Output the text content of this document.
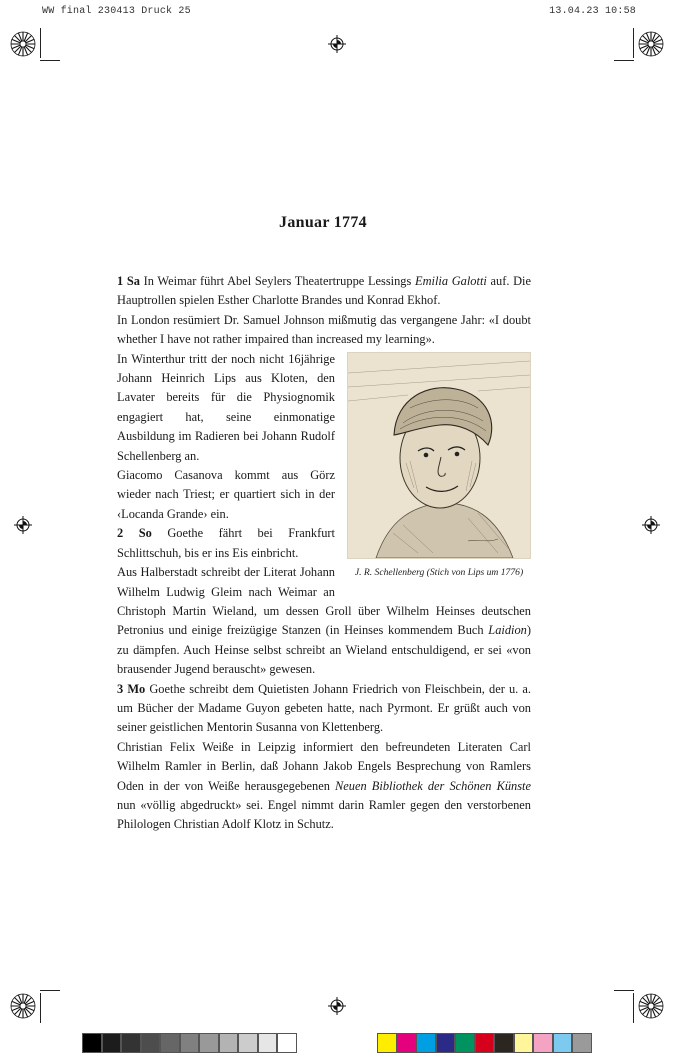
WW final 230413 Druck 25	13.04.23 10:58
Januar 1774

1 Sa In Weimar führt Abel Seylers Theatertruppe Lessings Emilia Galotti auf. Die Hauptrollen spielen Esther Charlotte Brandes und Konrad Ekhof.

In London resümiert Dr. Samuel Johnson mißmutig das vergangene Jahr: «I doubt whether I have not rather impaired than increased my learning».

J. R. Schellenberg (Stich von Lips um 1776)

In Winterthur tritt der noch nicht 16jährige Johann Heinrich Lips aus Kloten, den Lavater bereits für die Physiognomik engagiert hat, seine einmonatige Ausbildung im Radieren bei Johann Rudolf Schellenberg an.

Giacomo Casanova kommt aus Görz wieder nach Triest; er quartiert sich in der ‹Locanda Grande› ein.

2 So Goethe fährt bei Frankfurt Schlittschuh, bis er ins Eis einbricht.

Aus Halberstadt schreibt der Literat Johann Wilhelm Ludwig Gleim nach Weimar an Christoph Martin Wieland, um dessen Groll über Wilhelm Heinses deutschen Petronius und einige freizügige Stanzen (in Heinses kommendem Buch Laidion) zu dämpfen. Auch Heinse selbst schreibt an Wieland entschuldigend, er sei «von brausender Jugend berauscht» gewesen.

3 Mo Goethe schreibt dem Quietisten Johann Friedrich von Fleischbein, der u. a. um Bücher der Madame Guyon gebeten hatte, nach Pyrmont. Er grüßt auch von seiner geistlichen Mentorin Susanna von Klettenberg.

Christian Felix Weiße in Leipzig informiert den befreundeten Literaten Carl Wilhelm Ramler in Berlin, daß Johann Jakob Engels Besprechung von Ramlers Oden in der von Weiße herausgegebenen Neuen Bibliothek der Schönen Künste nun «völlig abgedruckt» sei. Engel nimmt darin Ramler gegen den verstorbenen Philologen Christian Adolf Klotz in Schutz.
